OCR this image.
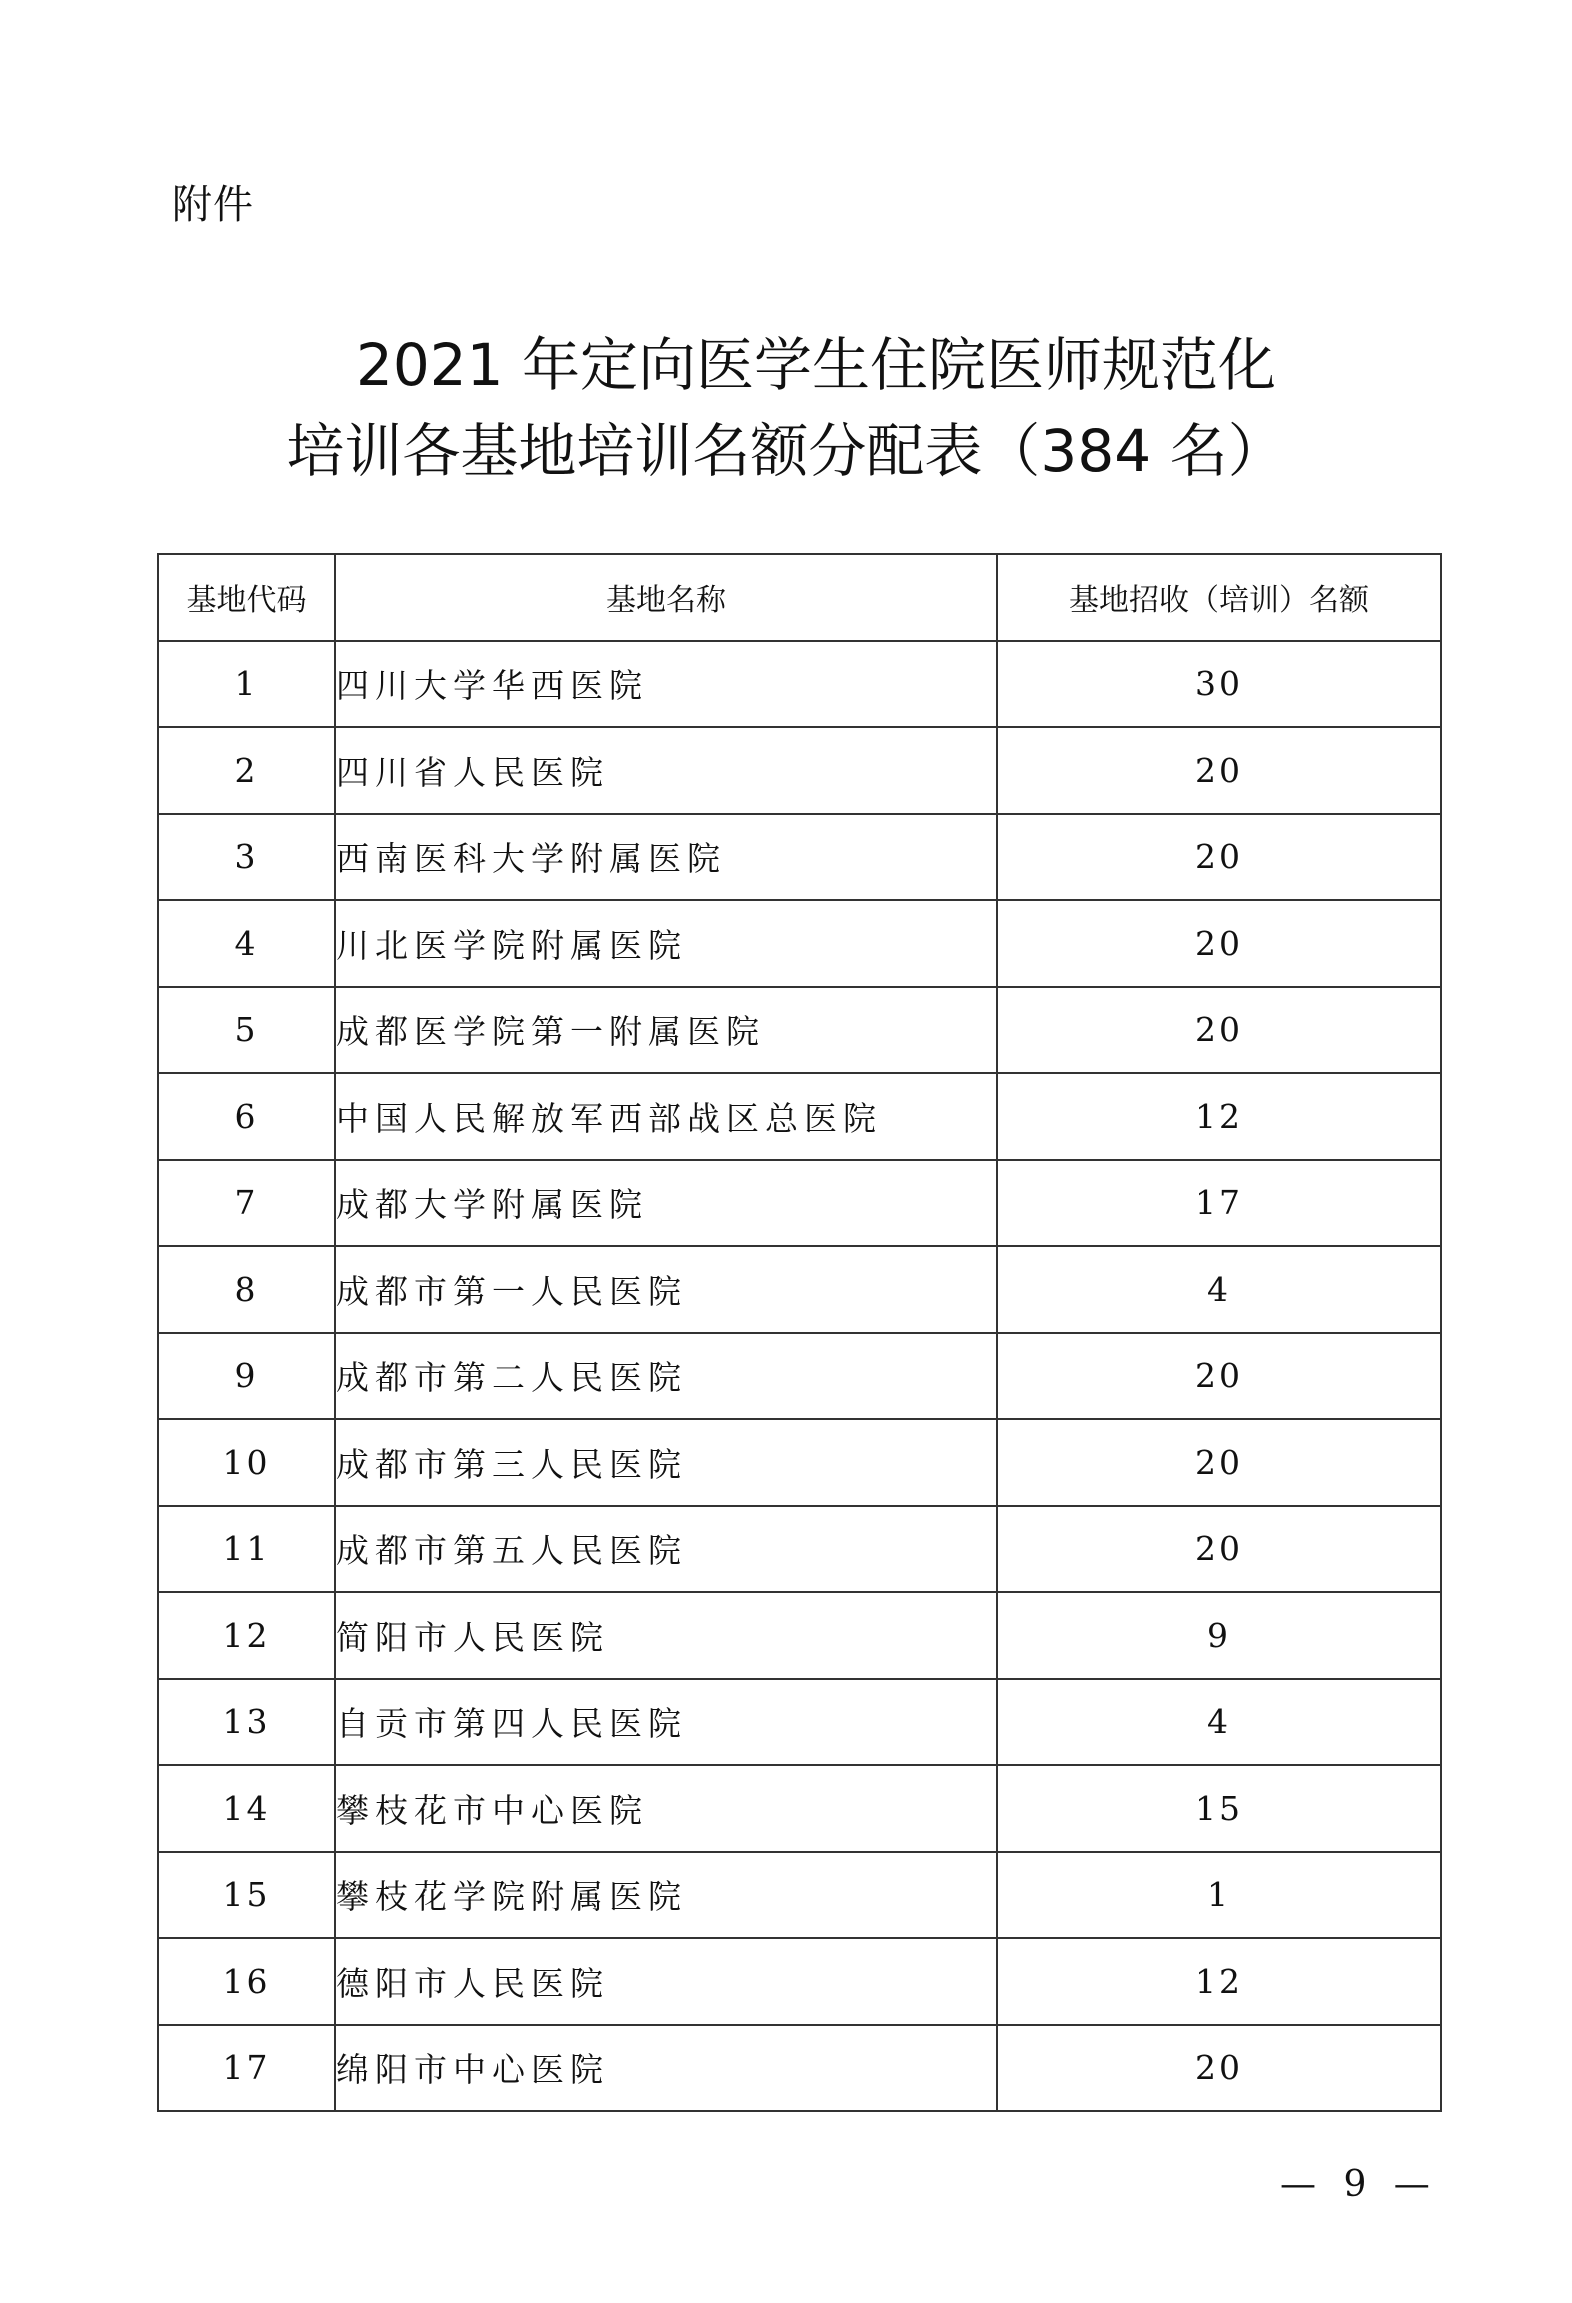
附件
2021 年定向医学生住院医师规范化
培训各基地培训名额分配表（384 名）
基地代码	基地名称	基地招收（培训）名额
1	四川大学华西医院	30
2	四川省人民医院	20
3	西南医科大学附属医院	20
4	川北医学院附属医院	20
5	成都医学院第一附属医院	20
6	中国人民解放军西部战区总医院	12
7	成都大学附属医院	17
8	成都市第一人民医院	4
9	成都市第二人民医院	20
10	成都市第三人民医院	20
11	成都市第五人民医院	20
12	简阳市人民医院	9
13	自贡市第四人民医院	4
14	攀枝花市中心医院	15
15	攀枝花学院附属医院	1
16	德阳市人民医院	12
17	绵阳市中心医院	20
— 9 —
